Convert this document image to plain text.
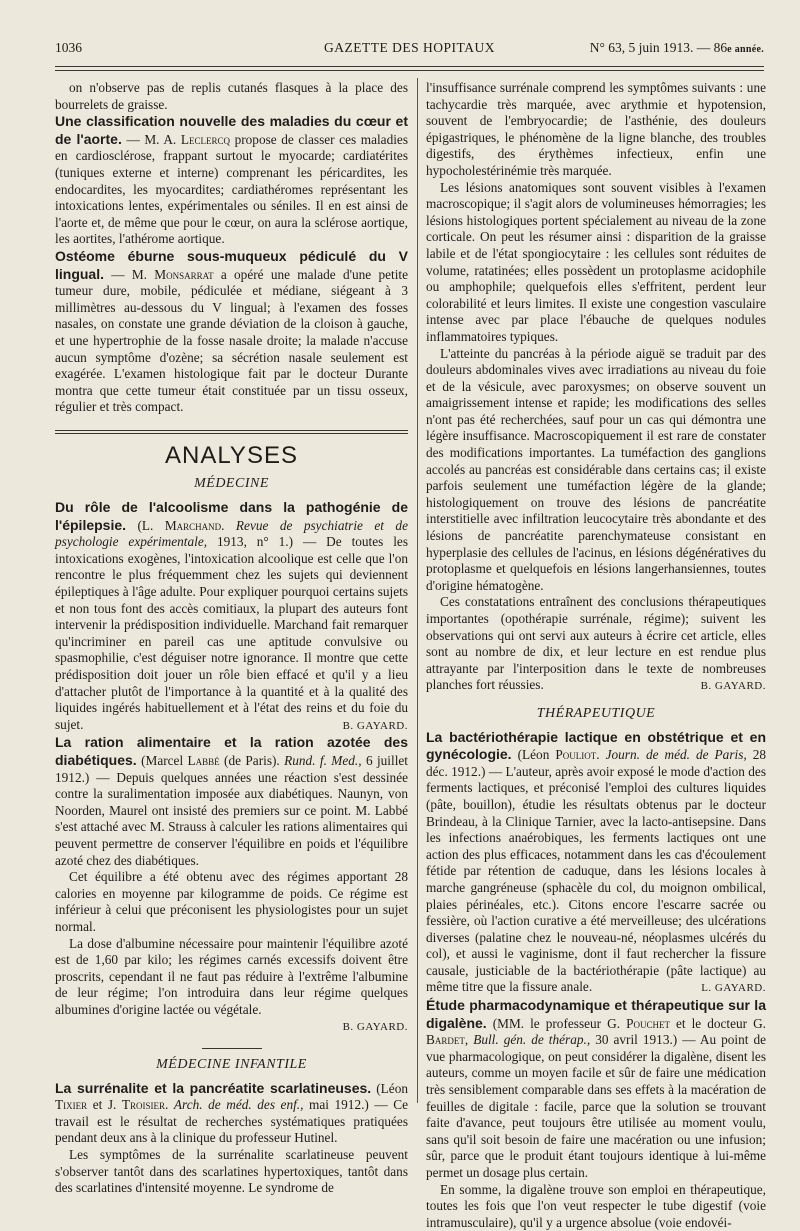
1036	GAZETTE DES HOPITAUX	N° 63, 5 juin 1913. — 86e année.

on n'observe pas de replis cutanés flasques à la place des bourrelets de graisse.

Une classification nouvelle des maladies du cœur et de l'aorte. — M. A. Leclercq propose de classer ces maladies en cardiosclérose, frappant surtout le myocarde; cardiatérites (tuniques externe et interne) comprenant les péricardites, les endocardites, les myocardites; cardiathéromes représentant les intoxications lentes, expérimentales ou séniles. Il en est ainsi de l'aorte et, de même que pour le cœur, on aura la sclérose aortique, les aortites, l'athérome aortique.

Ostéome éburne sous-muqueux pédiculé du V lingual. — M. Monsarrat a opéré une malade d'une petite tumeur dure, mobile, pédiculée et médiane, siégeant à 3 millimètres au-dessous du V lingual; à l'examen des fosses nasales, on constate une grande déviation de la cloison à gauche, et une hypertrophie de la fosse nasale droite; la malade n'accuse aucun symptôme d'ozène; sa sécrétion nasale seulement est exagérée. L'examen histologique fait par le docteur Durante montra que cette tumeur était constituée par un tissu osseux, régulier et très compact.

ANALYSES
MÉDECINE

Du rôle de l'alcoolisme dans la pathogénie de l'épilepsie. (L. Marchand. Revue de psychiatrie et de psychologie expérimentale, 1913, n° 1.) — De toutes les intoxications exogènes, l'intoxication alcoolique est celle que l'on rencontre le plus fréquemment chez les sujets qui deviennent épileptiques à l'âge adulte. Pour expliquer pourquoi certains sujets et non tous font des accès comitiaux, la plupart des auteurs font intervenir la prédisposition individuelle. Marchand fait remarquer qu'incriminer en pareil cas une aptitude convulsive ou spasmophilie, c'est déguiser notre ignorance. Il montre que cette prédisposition doit jouer un rôle bien effacé et qu'il y a lieu d'attacher plutôt de l'importance à la quantité et à la qualité des liquides ingérés habituellement et à l'état des reins et du foie du sujet.	B. GAYARD.

La ration alimentaire et la ration azotée des diabétiques. (Marcel Labbé (de Paris). Rund. f. Med., 6 juillet 1912.) — Depuis quelques années une réaction s'est dessinée contre la suralimentation imposée aux diabétiques. Naunyn, von Noorden, Maurel ont insisté des premiers sur ce point. M. Labbé s'est attaché avec M. Strauss à calculer les rations alimentaires qui peuvent permettre de conserver l'équilibre en poids et l'équilibre azoté chez des diabétiques.

Cet équilibre a été obtenu avec des régimes apportant 28 calories en moyenne par kilogramme de poids. Ce régime est inférieur à celui que préconisent les physiologistes pour un sujet normal.

La dose d'albumine nécessaire pour maintenir l'équilibre azoté est de 1,60 par kilo; les régimes carnés excessifs doivent être proscrits, cependant il ne faut pas réduire à l'extrême l'albumine de leur régime; l'on introduira dans leur régime quelques albumines d'origine lactée ou végétale.

B. GAYARD.
MÉDECINE INFANTILE

La surrénalite et la pancréatite scarlatineuses. (Léon Tixier et J. Troisier. Arch. de méd. des enf., mai 1912.) — Ce travail est le résultat de recherches systématiques pratiquées pendant deux ans à la clinique du professeur Hutinel.

Les symptômes de la surrénalite scarlatineuse peuvent s'observer tantôt dans des scarlatines hypertoxiques, tantôt dans des scarlatines d'intensité moyenne. Le syndrome de

l'insuffisance surrénale comprend les symptômes suivants : une tachycardie très marquée, avec arythmie et hypotension, souvent de l'embryocardie; de l'asthénie, des douleurs épigastriques, le phénomène de la ligne blanche, des troubles digestifs, des érythèmes infectieux, enfin une hypocholestérinémie très marquée.

Les lésions anatomiques sont souvent visibles à l'examen macroscopique; il s'agit alors de volumineuses hémorragies; les lésions histologiques portent spécialement au niveau de la zone corticale. On peut les résumer ainsi : disparition de la graisse labile et de l'état spongiocytaire : les cellules sont réduites de volume, ratatinées; elles possèdent un protoplasme acidophile ou amphophile; quelquefois elles s'effritent, perdent leur colorabilité et leurs limites. Il existe une congestion vasculaire intense avec par place l'ébauche de quelques nodules inflammatoires typiques.

L'atteinte du pancréas à la période aiguë se traduit par des douleurs abdominales vives avec irradiations au niveau du foie et de la vésicule, avec paroxysmes; on observe souvent un amaigrissement intense et rapide; les modifications des selles n'ont pas été recherchées, sauf pour un cas qui démontra une légère insuffisance. Macroscopiquement il est rare de constater des modifications importantes. La tuméfaction des ganglions accolés au pancréas est considérable dans certains cas; il existe parfois seulement une tuméfaction légère de la glande; histologiquement on trouve des lésions de pancréatite interstitielle avec infiltration leucocytaire très abondante et des lésions de pancréatite parenchymateuse consistant en hyperplasie des cellules de l'acinus, en lésions dégénératives du protoplasme et quelquefois en lésions langerhansiennes, toutes d'origine hématogène.

Ces constatations entraînent des conclusions thérapeutiques importantes (opothérapie surrénale, régime); suivent les observations qui ont servi aux auteurs à écrire cet article, elles sont au nombre de dix, et leur lecture en est rendue plus attrayante par l'interposition dans le texte de nombreuses planches fort réussies.	B. GAYARD.

THÉRAPEUTIQUE

La bactériothérapie lactique en obstétrique et en gynécologie. (Léon Pouliot. Journ. de méd. de Paris, 28 déc. 1912.) — L'auteur, après avoir exposé le mode d'action des ferments lactiques, et préconisé l'emploi des cultures liquides (pâte, bouillon), étudie les résultats obtenus par le docteur Brindeau, à la Clinique Tarnier, avec la lacto-antisepsine. Dans les infections anaérobiques, les ferments lactiques ont une action des plus efficaces, notamment dans les cas d'écoulement fétide par rétention de caduque, dans les lésions locales à marche gangréneuse (sphacèle du col, du moignon ombilical, plaies périnéales, etc.). Citons encore l'escarre sacrée ou fessière, où l'action curative a été merveilleuse; des ulcérations diverses (palatine chez le nouveau-né, néoplasmes ulcérés du col), et aussi le vaginisme, dont il faut rechercher la fissure causale, justiciable de la bactériothérapie (pâte lactique) au même titre que la fissure anale.	L. GAYARD.

Étude pharmacodynamique et thérapeutique sur la digalène. (MM. le professeur G. Pouchet et le docteur G. Bardet, Bull. gén. de thérap., 30 avril 1913.) — Au point de vue pharmacologique, on peut considérer la digalène, disent les auteurs, comme un moyen facile et sûr de faire une médication très sensiblement comparable dans ses effets à la macération de feuilles de digitale : facile, parce que la solution se trouvant faite d'avance, peut toujours être utilisée au moment voulu, sans qu'il soit besoin de faire une macération ou une infusion; sûr, parce que le produit étant toujours identique à lui-même permet un dosage plus certain.

En somme, la digalène trouve son emploi en thérapeutique, toutes les fois que l'on veut respecter le tube digestif (voie intramusculaire), qu'il y a urgence absolue (voie endovéi-
